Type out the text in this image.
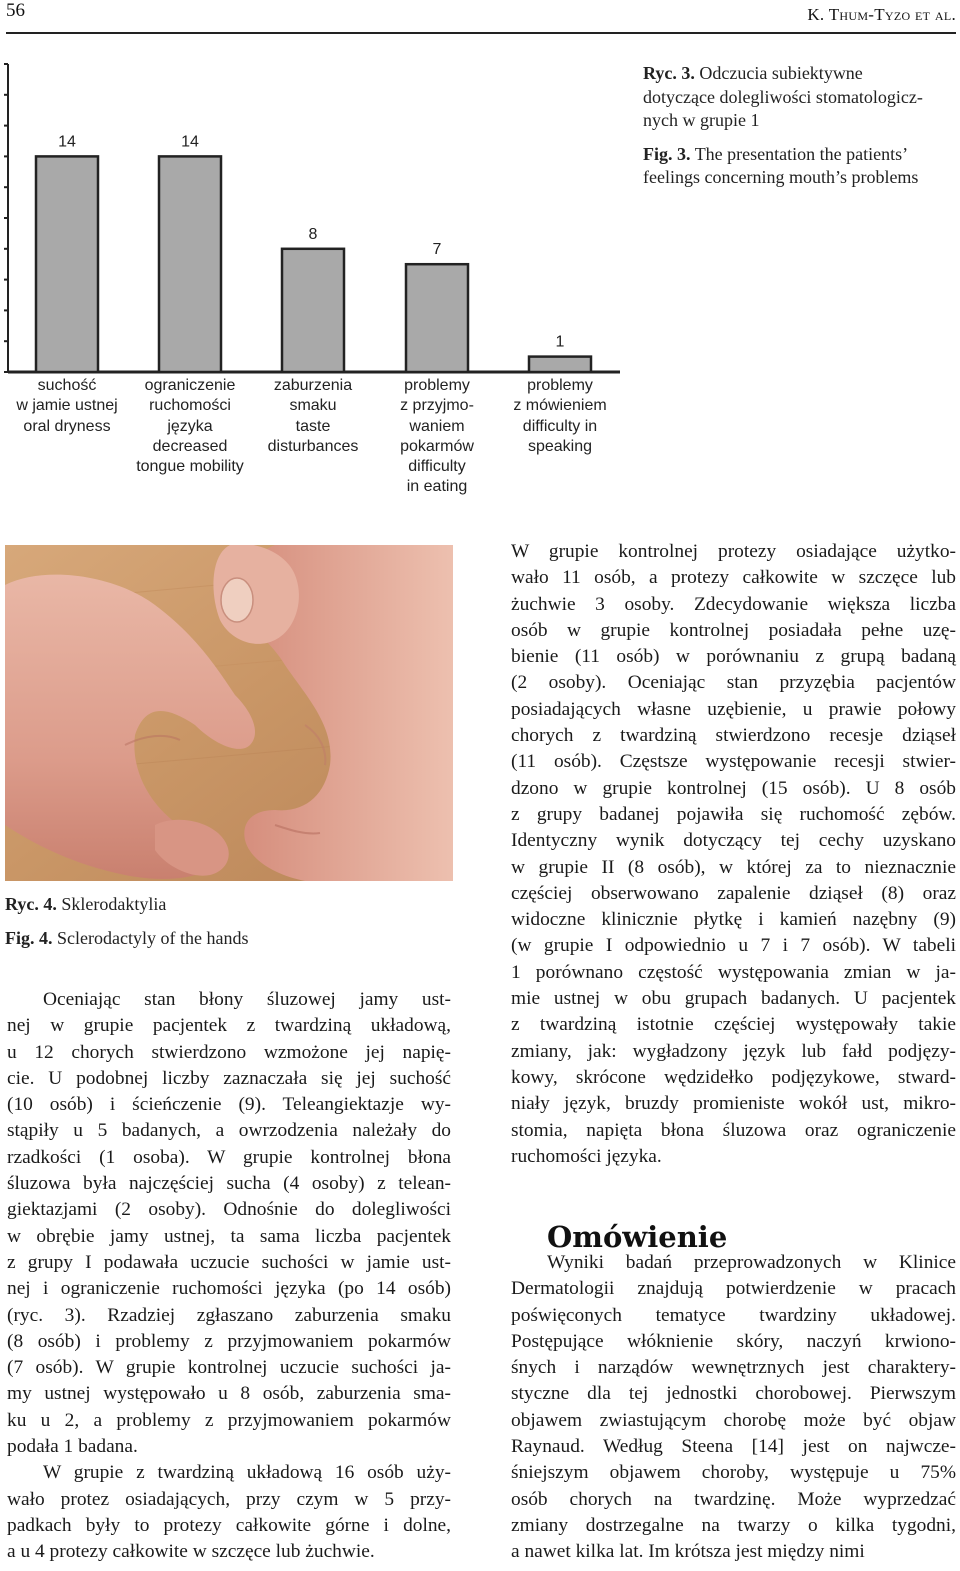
56	K. Thum-Tyzo et al.
14	14
8
7
1
suchość
w jamie ustnej
oral dryness
ograniczenie
ruchomości
języka
decreased
tongue mobility
zaburzenia
smaku
taste
disturbances
problemy
z przyjmo-
waniem
pokarmów
difficulty
in eating
problemy
z mówieniem
difficulty in
speaking
Ryc. 3. Odczucia subiektywne
dotyczące dolegliwości stomatologicz-
nych w grupie 1
Fig. 3. The presentation the patients’
feelings concerning mouth’s problems
Ryc. 4. Sklerodaktylia
Fig. 4. Sclerodactyly of the hands
Oceniając stan błony śluzowej jamy ust-
nej w grupie pacjentek z twardziną układową,
u 12 chorych stwierdzono wzmożone jej napię-
cie. U podobnej liczby zaznaczała się jej suchość
(10 osób) i ścieńczenie (9). Teleangiektazje wy-
stąpiły u 5 badanych, a owrzodzenia należały do
rzadkości (1 osoba). W grupie kontrolnej błona
śluzowa była najczęściej sucha (4 osoby) z telean-
giektazjami (2 osoby). Odnośnie do dolegliwości
w obrębie jamy ustnej, ta sama liczba pacjentek
z grupy I podawała uczucie suchości w jamie ust-
nej i ograniczenie ruchomości języka (po 14 osób)
(ryc. 3). Rzadziej zgłaszano zaburzenia smaku
(8 osób) i problemy z przyjmowaniem pokarmów
(7 osób). W grupie kontrolnej uczucie suchości ja-
my ustnej występowało u 8 osób, zaburzenia sma-
ku u 2, a problemy z przyjmowaniem pokarmów
podała 1 badana.
W grupie z twardziną układową 16 osób uży-
wało protez osiadających, przy czym w 5 przy-
padkach były to protezy całkowite górne i dolne,
a u 4 protezy całkowite w szczęce lub żuchwie.
W grupie kontrolnej protezy osiadające użytko-
wało 11 osób, a protezy całkowite w szczęce lub
żuchwie 3 osoby. Zdecydowanie większa liczba
osób w grupie kontrolnej posiadała pełne uzę-
bienie (11 osób) w porównaniu z grupą badaną
(2 osoby). Oceniając stan przyzębia pacjentów
posiadających własne uzębienie, u prawie połowy
chorych z twardziną stwierdzono recesje dziąseł
(11 osób). Częstsze występowanie recesji stwier-
dzono w grupie kontrolnej (15 osób). U 8 osób
z grupy badanej pojawiła się ruchomość zębów.
Identyczny wynik dotyczący tej cechy uzyskano
w grupie II (8 osób), w której za to nieznacznie
częściej obserwowano zapalenie dziąseł (8) oraz
widoczne klinicznie płytkę i kamień nazębny (9)
(w grupie I odpowiednio u 7 i 7 osób). W tabeli
1 porównano częstość występowania zmian w ja-
mie ustnej w obu grupach badanych. U pacjentek
z twardziną istotnie częściej występowały takie
zmiany, jak: wygładzony język lub fałd podjęzy-
kowy, skrócone wędzidełko podjęzykowe, stward-
niały język, bruzdy promieniste wokół ust, mikro-
stomia, napięta błona śluzowa oraz ograniczenie
ruchomości języka.
Omówienie
Wyniki badań przeprowadzonych w Klinice
Dermatologii znajdują potwierdzenie w pracach
poświęconych tematyce twardziny układowej.
Postępujące włóknienie skóry, naczyń krwiono-
śnych i narządów wewnętrznych jest charaktery-
styczne dla tej jednostki chorobowej. Pierwszym
objawem zwiastującym chorobę może być objaw
Raynaud. Według Steena [14] jest on najwcze-
śniejszym objawem choroby, występuje u 75%
osób chorych na twardzinę. Może wyprzedzać
zmiany dostrzegalne na twarzy o kilka tygodni,
a nawet kilka lat. Im krótsza jest między nimi
